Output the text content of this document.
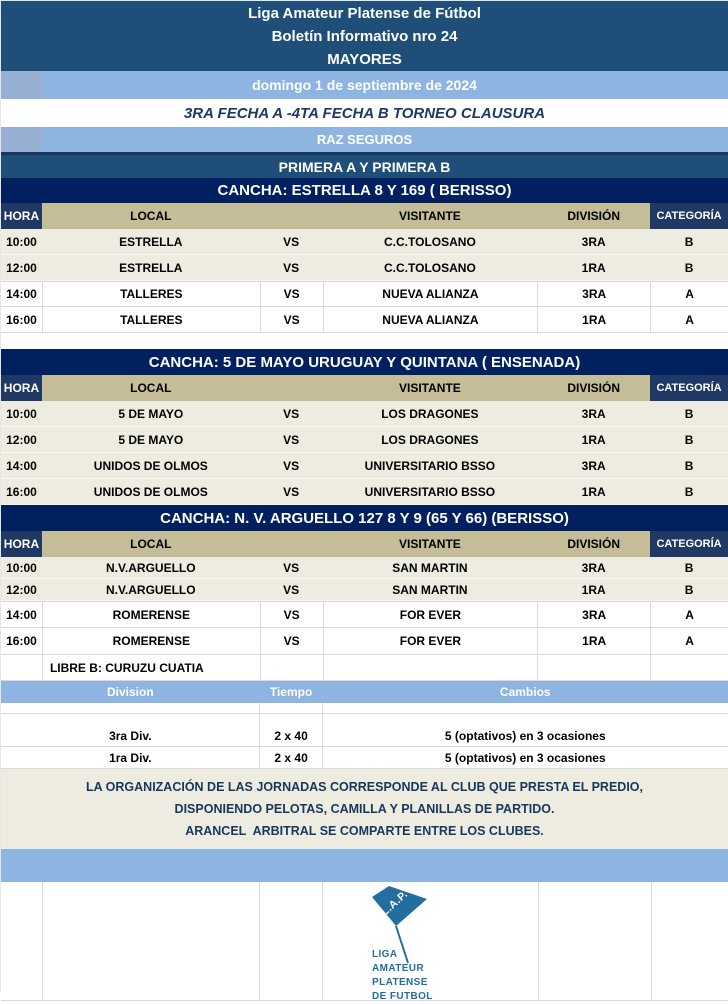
Liga Amateur Platense de Fútbol
Boletín Informativo nro 24
MAYORES
domingo 1 de septiembre de 2024
3RA FECHA A -4TA FECHA B TORNEO CLAUSURA
RAZ SEGUROS
PRIMERA A Y PRIMERA B
CANCHA: ESTRELLA 8 Y 169 ( BERISSO)
HORA	LOCAL	VISITANTE	DIVISIÓN	CATEGORÍA
10:00	ESTRELLA	VS	C.C.TOLOSANO	3RA	B
12:00	ESTRELLA	VS	C.C.TOLOSANO	1RA	B
14:00	TALLERES	VS	NUEVA ALIANZA	3RA	A
16:00	TALLERES	VS	NUEVA ALIANZA	1RA	A
CANCHA: 5 DE MAYO URUGUAY Y QUINTANA ( ENSENADA)
HORA	LOCAL	VISITANTE	DIVISIÓN	CATEGORÍA
10:00	5 DE MAYO	VS	LOS DRAGONES	3RA	B
12:00	5 DE MAYO	VS	LOS DRAGONES	1RA	B
14:00	UNIDOS DE OLMOS	VS	UNIVERSITARIO BSSO	3RA	B
16:00	UNIDOS DE OLMOS	VS	UNIVERSITARIO BSSO	1RA	B
CANCHA: N. V. ARGUELLO 127 8 Y 9 (65 Y 66) (BERISSO)
HORA	LOCAL	VISITANTE	DIVISIÓN	CATEGORÍA
10:00	N.V.ARGUELLO	VS	SAN MARTIN	3RA	B
12:00	N.V.ARGUELLO	VS	SAN MARTIN	1RA	B
14:00	ROMERENSE	VS	FOR EVER	3RA	A
16:00	ROMERENSE	VS	FOR EVER	1RA	A
LIBRE B: CURUZU CUATIA
Division	Tiempo	Cambios
3ra Div.	2 x 40	5 (optativos) en 3 ocasiones
1ra Div.	2 x 40	5 (optativos) en 3 ocasiones
LA ORGANIZACIÓN DE LAS JORNADAS CORRESPONDE AL CLUB QUE PRESTA EL PREDIO,
DISPONIENDO PELOTAS, CAMILLA Y PLANILLAS DE PARTIDO.
ARANCEL  ARBITRAL SE COMPARTE ENTRE LOS CLUBES.
L.A.P.
LIGA
AMATEUR
PLATENSE
DE FUTBOL
